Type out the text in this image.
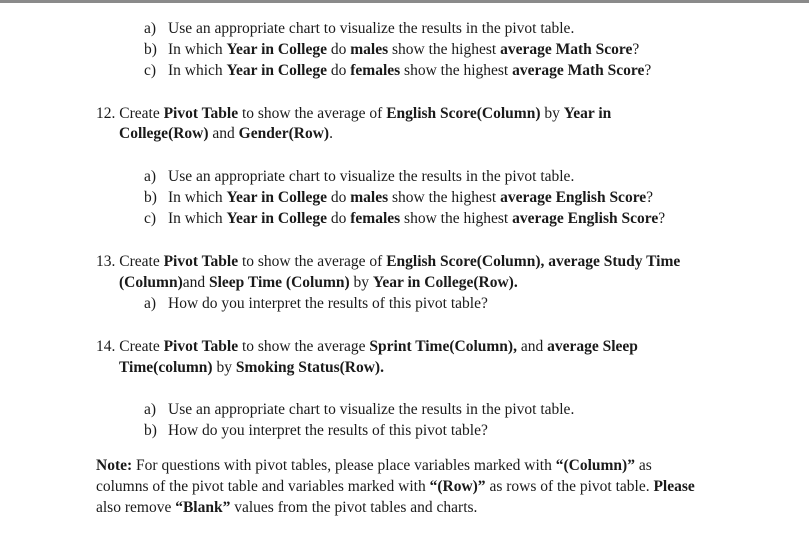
a) Use an appropriate chart to visualize the results in the pivot table.
b) In which Year in College do males show the highest average Math Score?
c) In which Year in College do females show the highest average Math Score?
12. Create Pivot Table to show the average of English Score(Column) by Year in
College(Row) and Gender(Row).
a) Use an appropriate chart to visualize the results in the pivot table.
b) In which Year in College do males show the highest average English Score?
c) In which Year in College do females show the highest average English Score?
13. Create Pivot Table to show the average of English Score(Column), average Study Time
(Column)and Sleep Time (Column) by Year in College(Row).
a) How do you interpret the results of this pivot table?
14. Create Pivot Table to show the average Sprint Time(Column), and average Sleep
Time(column) by Smoking Status(Row).
a) Use an appropriate chart to visualize the results in the pivot table.
b) How do you interpret the results of this pivot table?
Note: For questions with pivot tables, please place variables marked with “(Column)” as
columns of the pivot table and variables marked with “(Row)” as rows of the pivot table. Please
also remove “Blank” values from the pivot tables and charts.
